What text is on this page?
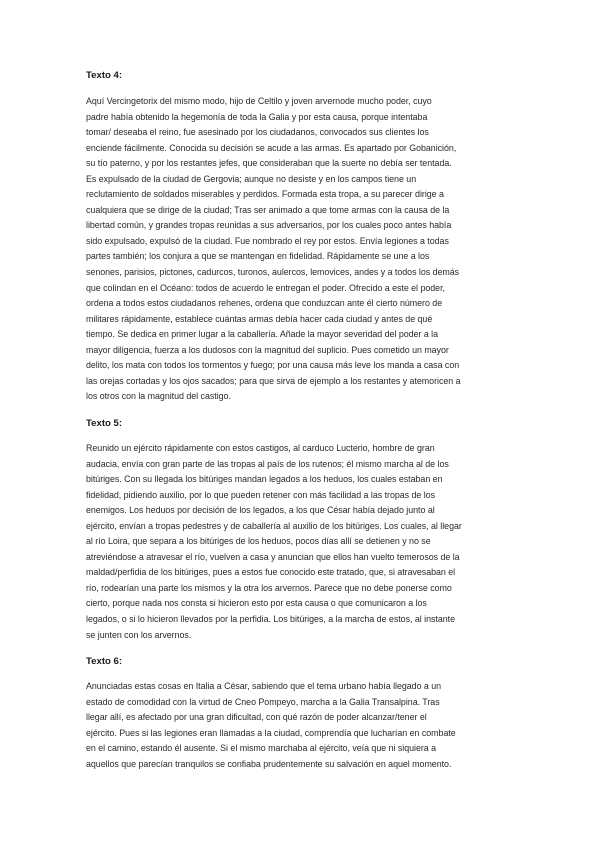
Texto 4:
Aquí Vercingetorix del mismo modo, hijo de Celtilo y joven arvernode mucho poder, cuyo
padre había obtenido la hegemonía de toda la Galia y por esta causa, porque intentaba
tomar/ deseaba el reino, fue asesinado por los ciudadanos, convocados sus clientes los
enciende fácilmente. Conocida su decisión se acude a las armas. Es apartado por Gobanición,
su tío paterno, y por los restantes jefes, que consideraban que la suerte no debía ser tentada.
Es expulsado de la ciudad de Gergovia; aunque no desiste y en los campos tiene un
reclutamiento de soldados miserables y perdidos. Formada esta tropa, a su parecer dirige a
cualquiera que se dirige de la ciudad; Tras ser animado a que tome armas con la causa de la
libertad común, y grandes tropas reunidas a sus adversarios, por los cuales poco antes había
sido expulsado, expulsó de la ciudad. Fue nombrado el rey por estos. Envía legiones a todas
partes también; los conjura a que se mantengan en fidelidad. Rápidamente se une a los
senones, parisios, pictones, cadurcos, turonos, aulercos, lemovices, andes y a todos los demás
que colindan en el Océano: todos de acuerdo le entregan el poder. Ofrecido a este el poder,
ordena a todos estos ciudadanos rehenes, ordena que conduzcan ante él cierto número de
militares rápidamente, establece cuántas armas debía hacer cada ciudad y antes de qué
tiempo. Se dedica en primer lugar a la caballería. Añade la mayor severidad del poder a la
mayor diligencia, fuerza a los dudosos con la magnitud del suplicio. Pues cometido un mayor
delito, los mata con todos los tormentos y fuego; por una causa más leve los manda a casa con
las orejas cortadas y los ojos sacados; para que sirva de ejemplo a los restantes y atemoricen a
los otros con la magnitud del castigo.
Texto 5:
Reunido un ejército rápidamente con estos castigos, al carduco Lucterio, hombre de gran
audacia, envía con gran parte de las tropas al país de los rutenos; él mismo marcha al de los
bitúriges. Con su llegada los bitúriges mandan legados a los heduos, los cuales estaban en
fidelidad, pidiendo auxilio, por lo que pueden retener con más facilidad a las tropas de los
enemigos. Los heduos por decisión de los legados, a los que César había dejado junto al
ejército, envían a tropas pedestres y de caballería al auxilio de los bitúriges. Los cuales, al llegar
al río Loira, que separa a los bitúriges de los heduos, pocos días allí se detienen y no se
atreviéndose a atravesar el río, vuelven a casa y anuncian que ellos han vuelto temerosos de la
maldad/perfidia de los bitúriges, pues a estos fue conocido este tratado, que, si atravesaban el
río, rodearían una parte los mismos y la otra los arvernos. Parece que no debe ponerse como
cierto, porque nada nos consta si hicieron esto por esta causa o que comunicaron a los
legados, o si lo hicieron llevados por la perfidia. Los bitúriges, a la marcha de estos, al instante
se junten con los arvernos.
Texto 6:
Anunciadas estas cosas en Italia a César, sabiendo que el tema urbano había llegado a un
estado de comodidad con la virtud de Cneo Pompeyo, marcha a la Galia Transalpina. Tras
llegar allí, es afectado por una gran dificultad, con qué razón de poder alcanzar/tener el
ejército. Pues si las legiones eran llamadas a la ciudad, comprendía que lucharían en combate
en el camino, estando él ausente. Si el mismo marchaba al ejército, veía que ni siquiera a
aquellos que parecían tranquilos se confiaba prudentemente su salvación en aquel momento.
